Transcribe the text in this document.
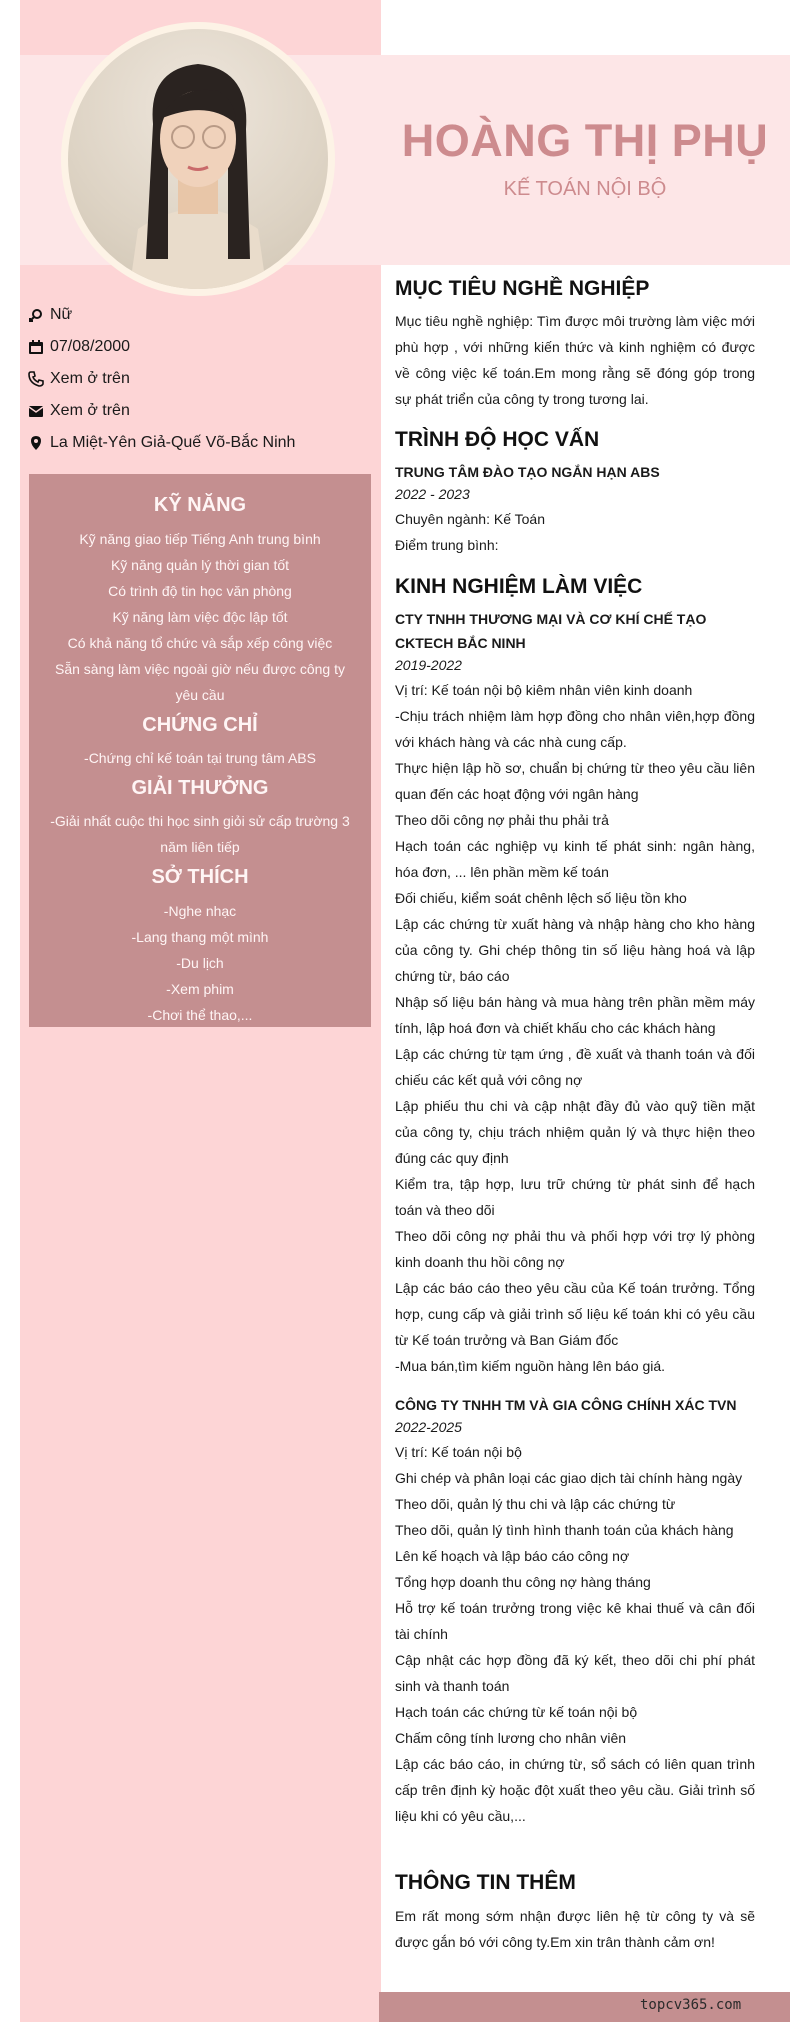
HOÀNG THỊ PHỤ
KẾ TOÁN NỘI BỘ
Nữ
07/08/2000
Xem ở trên
Xem ở trên
La Miệt-Yên Giả-Quế Võ-Bắc Ninh
KỸ NĂNG
Kỹ năng giao tiếp Tiếng Anh trung bình
Kỹ năng quản lý thời gian tốt
Có trình độ tin học văn phòng
Kỹ năng làm việc độc lập tốt
Có khả năng tổ chức và sắp xếp công việc
Sẵn sàng làm việc ngoài giờ nếu được công ty
yêu cầu
CHỨNG CHỈ
-Chứng chỉ kế toán tại trung tâm ABS
GIẢI THƯỞNG
-Giải nhất cuộc thi học sinh giỏi sử cấp trường 3
năm liên tiếp
SỞ THÍCH
-Nghe nhạc
-Lang thang một mình
-Du lịch
-Xem phim
-Chơi thể thao,...
MỤC TIÊU NGHỀ NGHIỆP
Mục tiêu nghề nghiệp: Tìm được môi trường làm việc mới phù hợp , với những kiến thức và kinh nghiệm có được về công việc kế toán.Em mong rằng sẽ đóng góp trong sự phát triển của công ty trong tương lai.
TRÌNH ĐỘ HỌC VẤN
TRUNG TÂM ĐÀO TẠO NGẮN HẠN ABS
2022 - 2023
Chuyên ngành: Kế Toán
Điểm trung bình:
KINH NGHIỆM LÀM VIỆC
CTY TNHH THƯƠNG MẠI VÀ CƠ KHÍ CHẾ TẠO CKTECH BẮC NINH
2019-2022
Vị trí: Kế toán nội bộ kiêm nhân viên kinh doanh
-Chịu trách nhiệm làm hợp đồng cho nhân viên,hợp đồng với khách hàng và các nhà cung cấp.
Thực hiện lập hồ sơ, chuẩn bị chứng từ theo yêu cầu liên quan đến các hoạt động với ngân hàng
Theo dõi công nợ phải thu phải trả
Hạch toán các nghiệp vụ kinh tế phát sinh: ngân hàng, hóa đơn, ... lên phần mềm kế toán
Đối chiếu, kiểm soát chênh lệch số liệu tồn kho
Lập các chứng từ xuất hàng và nhập hàng cho kho hàng của công ty. Ghi chép thông tin số liệu hàng hoá và lập chứng từ, báo cáo
Nhập số liệu bán hàng và mua hàng trên phần mềm máy tính, lập hoá đơn và chiết khấu cho các khách hàng
Lập các chứng từ tạm ứng , đề xuất và thanh toán và đối chiếu các kết quả với công nợ
Lập phiếu thu chi và cập nhật đầy đủ vào quỹ tiền mặt của công ty, chịu trách nhiệm quản lý và thực hiện theo đúng các quy định
Kiểm tra, tập hợp, lưu trữ chứng từ phát sinh để hạch toán và theo dõi
Theo dõi công nợ phải thu và phối hợp với trợ lý phòng kinh doanh thu hồi công nợ
Lập các báo cáo theo yêu cầu của Kế toán trưởng. Tổng hợp, cung cấp và giải trình số liệu kế toán khi có yêu cầu từ Kế toán trưởng và Ban Giám đốc
-Mua bán,tìm kiếm nguồn hàng lên báo giá.
CÔNG TY TNHH TM VÀ GIA CÔNG CHÍNH XÁC TVN
2022-2025
Vị trí: Kế toán nội bộ
Ghi chép và phân loại các giao dịch tài chính hàng ngày
Theo dõi, quản lý thu chi và lập các chứng từ
Theo dõi, quản lý tình hình thanh toán của khách hàng
Lên kế hoạch và lập báo cáo công nợ
Tổng hợp doanh thu công nợ hàng tháng
Hỗ trợ kế toán trưởng trong việc kê khai thuế và cân đối tài chính
Cập nhật các hợp đồng đã ký kết, theo dõi chi phí phát sinh và thanh toán
Hạch toán các chứng từ kế toán nội bộ
Chấm công tính lương cho nhân viên
Lập các báo cáo, in chứng từ, sổ sách có liên quan trình cấp trên định kỳ hoặc đột xuất theo yêu cầu. Giải trình số liệu khi có yêu cầu,...
THÔNG TIN THÊM
Em rất mong sớm nhận được liên hệ từ công ty và sẽ được gắn bó với công ty.Em xin trân thành cảm ơn!
topcv365.com
